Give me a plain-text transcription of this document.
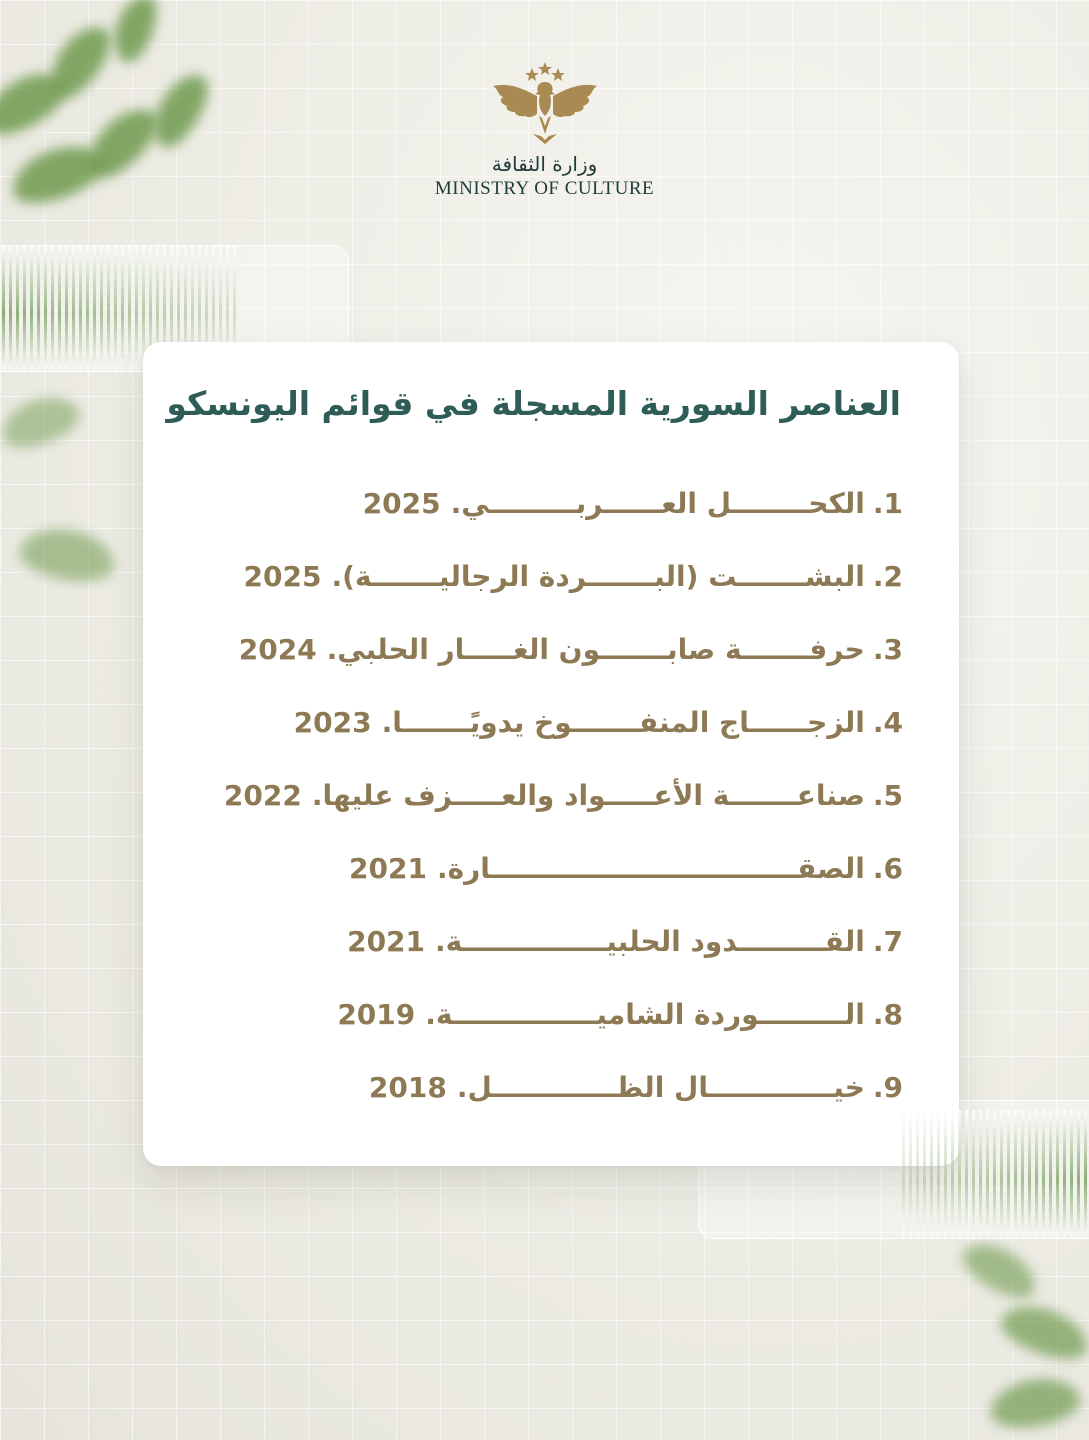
وزارة الثقافة
MINISTRY OF CULTURE
العناصر السورية المسجلة في قوائم اليونسكو
1.الكحــــــــل العــــــربـــــــــي.2025
2.البشـــــــت (البـــــــردة الرجاليـــــــة).2025
3.حرفـــــــة صابـــــــون الغـــــار الحلبي.2024
4.الزجــــــاج المنفـــــــوخ يدويًـــــــا.2023
5.صناعـــــــة الأعـــــواد والعـــــزف عليها.2022
6.الصقــــــــــــــــــــــــــــــــارة.2021
7.القـــــــــدود الحلبيـــــــــــــــة.2021
8.الـــــــــوردة الشاميـــــــــــــــة.2019
9.خيـــــــــــــال الظـــــــــــــل.2018
